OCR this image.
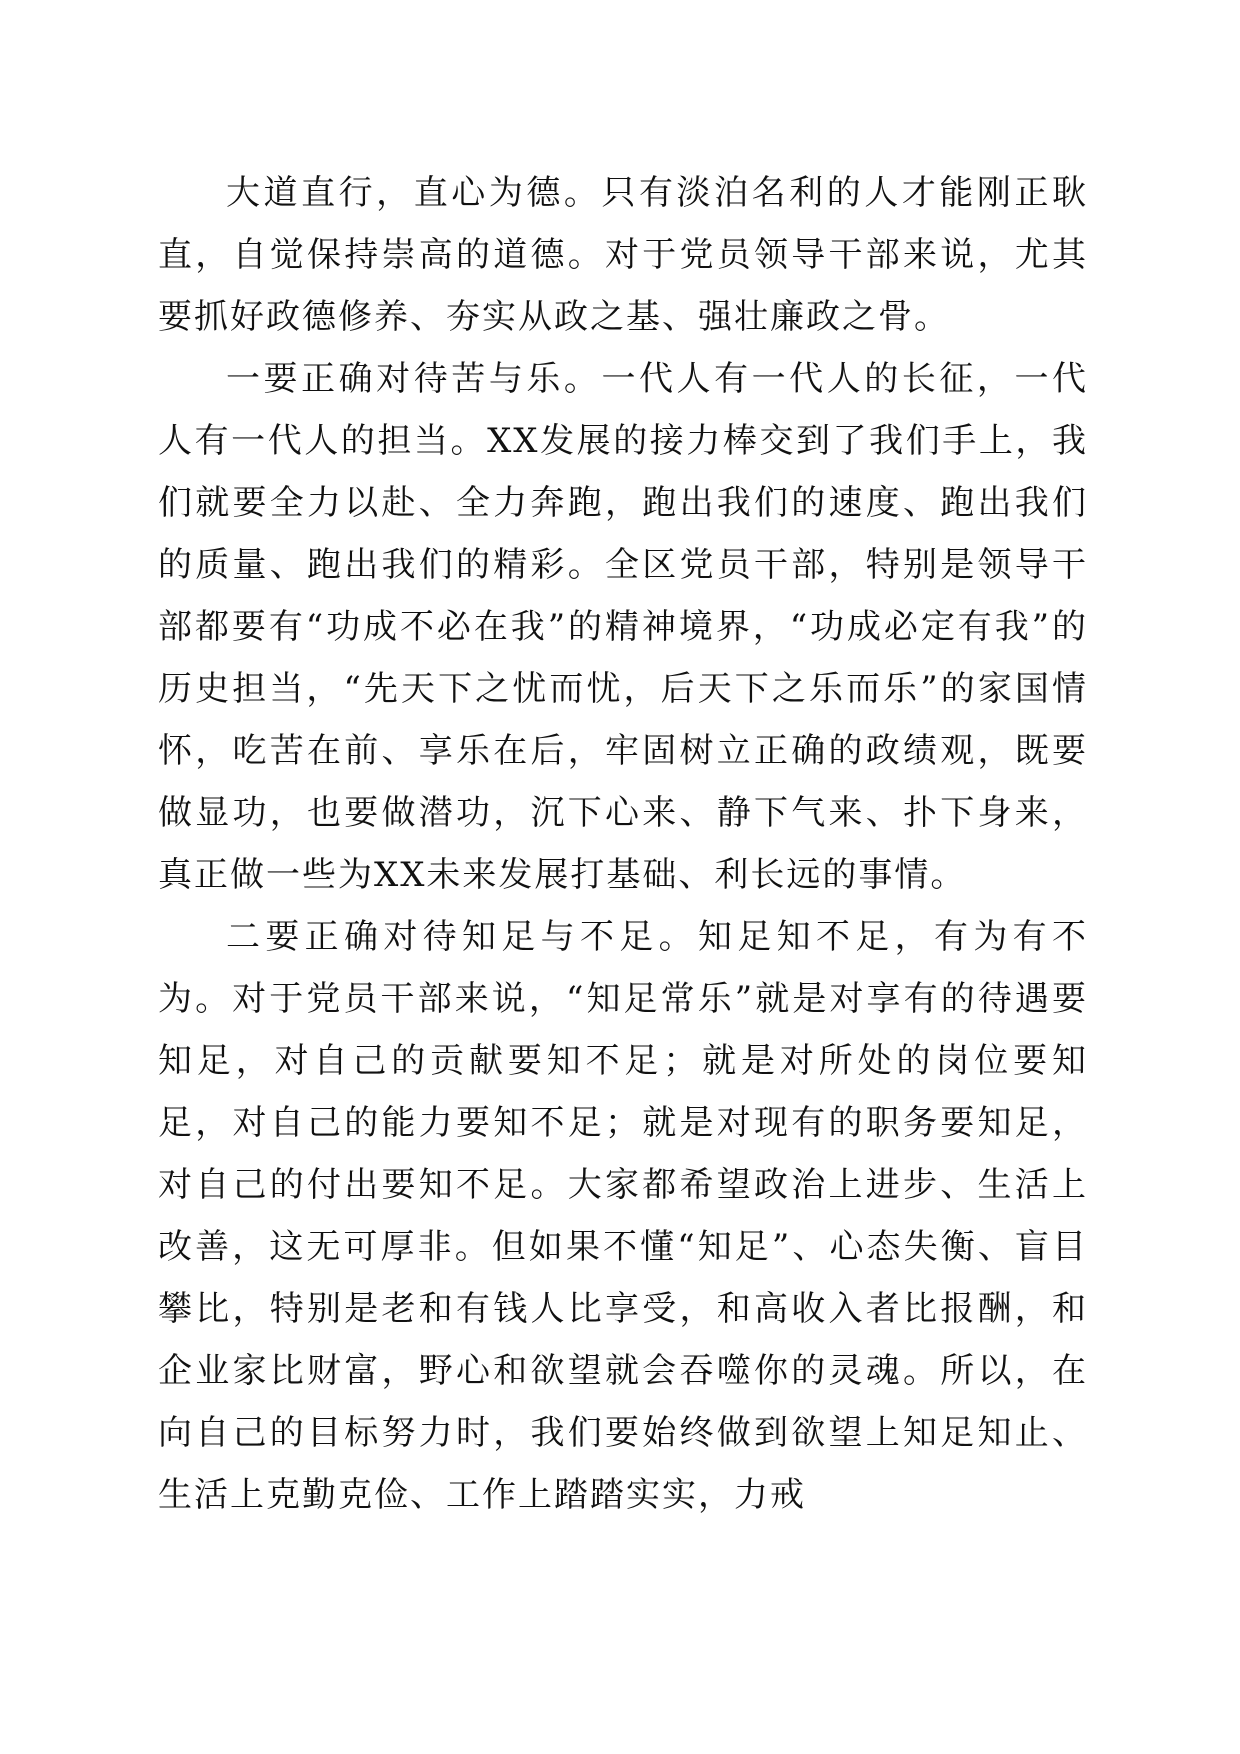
大道直行，直心为德。只有淡泊名利的人才能刚正耿直，自觉保持崇高的道德。对于党员领导干部来说，尤其要抓好政德修养、夯实从政之基、强壮廉政之骨。

一要正确对待苦与乐。一代人有一代人的长征，一代人有一代人的担当。XX发展的接力棒交到了我们手上，我们就要全力以赴、全力奔跑，跑出我们的速度、跑出我们的质量、跑出我们的精彩。全区党员干部，特别是领导干部都要有“功成不必在我”的精神境界，“功成必定有我”的历史担当，“先天下之忧而忧，后天下之乐而乐”的家国情怀，吃苦在前、享乐在后，牢固树立正确的政绩观，既要做显功，也要做潜功，沉下心来、静下气来、扑下身来，真正做一些为XX未来发展打基础、利长远的事情。

二要正确对待知足与不足。知足知不足，有为有不为。对于党员干部来说，“知足常乐”就是对享有的待遇要知足，对自己的贡献要知不足；就是对所处的岗位要知足，对自己的能力要知不足；就是对现有的职务要知足，对自己的付出要知不足。大家都希望政治上进步、生活上改善，这无可厚非。但如果不懂“知足”、心态失衡、盲目攀比，特别是老和有钱人比享受，和高收入者比报酬，和企业家比财富，野心和欲望就会吞噬你的灵魂。所以，在向自己的目标努力时，我们要始终做到欲望上知足知止、生活上克勤克俭、工作上踏踏实实，力戒
